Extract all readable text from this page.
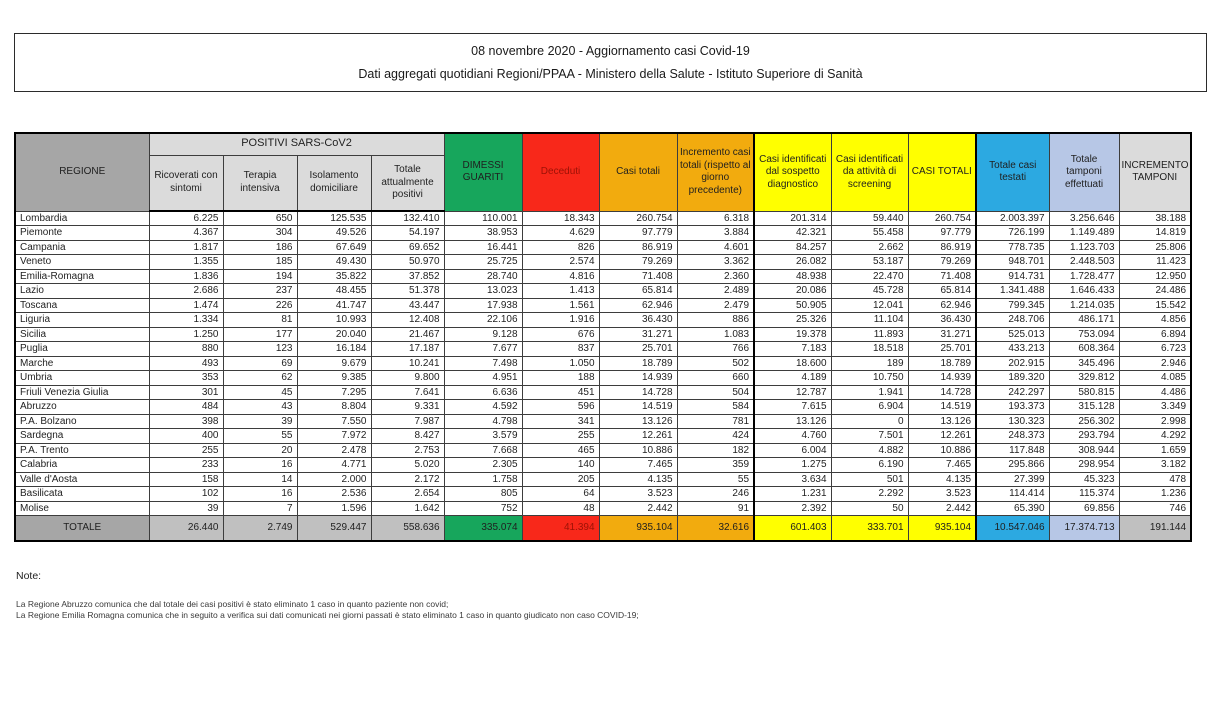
08 novembre 2020 - Aggiornamento casi Covid-19
Dati aggregati quotidiani Regioni/PPAA - Ministero della Salute - Istituto Superiore di Sanità
REGIONE	POSITIVI SARS-CoV2				DIMESSI GUARITI	Deceduti	Casi totali	Incremento casi totali (rispetto al giorno precedente)	Casi identificati dal sospetto diagnostico	Casi identificati da attività di screening	CASI TOTALI	Totale casi testati	Totale tamponi effettuati	INCREMENTO TAMPONI
	Ricoverati con sintomi	Terapia intensiva	Isolamento domiciliare	Totale attualmente positivi										
Lombardia	6.225	650	125.535	132.410	110.001	18.343	260.754	6.318	201.314	59.440	260.754	2.003.397	3.256.646	38.188
Piemonte	4.367	304	49.526	54.197	38.953	4.629	97.779	3.884	42.321	55.458	97.779	726.199	1.149.489	14.819
Campania	1.817	186	67.649	69.652	16.441	826	86.919	4.601	84.257	2.662	86.919	778.735	1.123.703	25.806
Veneto	1.355	185	49.430	50.970	25.725	2.574	79.269	3.362	26.082	53.187	79.269	948.701	2.448.503	11.423
Emilia-Romagna	1.836	194	35.822	37.852	28.740	4.816	71.408	2.360	48.938	22.470	71.408	914.731	1.728.477	12.950
Lazio	2.686	237	48.455	51.378	13.023	1.413	65.814	2.489	20.086	45.728	65.814	1.341.488	1.646.433	24.486
Toscana	1.474	226	41.747	43.447	17.938	1.561	62.946	2.479	50.905	12.041	62.946	799.345	1.214.035	15.542
Liguria	1.334	81	10.993	12.408	22.106	1.916	36.430	886	25.326	11.104	36.430	248.706	486.171	4.856
Sicilia	1.250	177	20.040	21.467	9.128	676	31.271	1.083	19.378	11.893	31.271	525.013	753.094	6.894
Puglia	880	123	16.184	17.187	7.677	837	25.701	766	7.183	18.518	25.701	433.213	608.364	6.723
Marche	493	69	9.679	10.241	7.498	1.050	18.789	502	18.600	189	18.789	202.915	345.496	2.946
Umbria	353	62	9.385	9.800	4.951	188	14.939	660	4.189	10.750	14.939	189.320	329.812	4.085
Friuli Venezia Giulia	301	45	7.295	7.641	6.636	451	14.728	504	12.787	1.941	14.728	242.297	580.815	4.486
Abruzzo	484	43	8.804	9.331	4.592	596	14.519	584	7.615	6.904	14.519	193.373	315.128	3.349
P.A. Bolzano	398	39	7.550	7.987	4.798	341	13.126	781	13.126	0	13.126	130.323	256.302	2.998
Sardegna	400	55	7.972	8.427	3.579	255	12.261	424	4.760	7.501	12.261	248.373	293.794	4.292
P.A. Trento	255	20	2.478	2.753	7.668	465	10.886	182	6.004	4.882	10.886	117.848	308.944	1.659
Calabria	233	16	4.771	5.020	2.305	140	7.465	359	1.275	6.190	7.465	295.866	298.954	3.182
Valle d'Aosta	158	14	2.000	2.172	1.758	205	4.135	55	3.634	501	4.135	27.399	45.323	478
Basilicata	102	16	2.536	2.654	805	64	3.523	246	1.231	2.292	3.523	114.414	115.374	1.236
Molise	39	7	1.596	1.642	752	48	2.442	91	2.392	50	2.442	65.390	69.856	746
TOTALE	26.440	2.749	529.447	558.636	335.074	41.394	935.104	32.616	601.403	333.701	935.104	10.547.046	17.374.713	191.144
Note:
La Regione Abruzzo comunica che dal totale dei casi positivi è stato eliminato 1 caso in quanto paziente non covid;
La Regione Emilia Romagna comunica che in seguito a verifica sui dati comunicati nei giorni passati è stato eliminato 1 caso in quanto giudicato non caso COVID-19;
